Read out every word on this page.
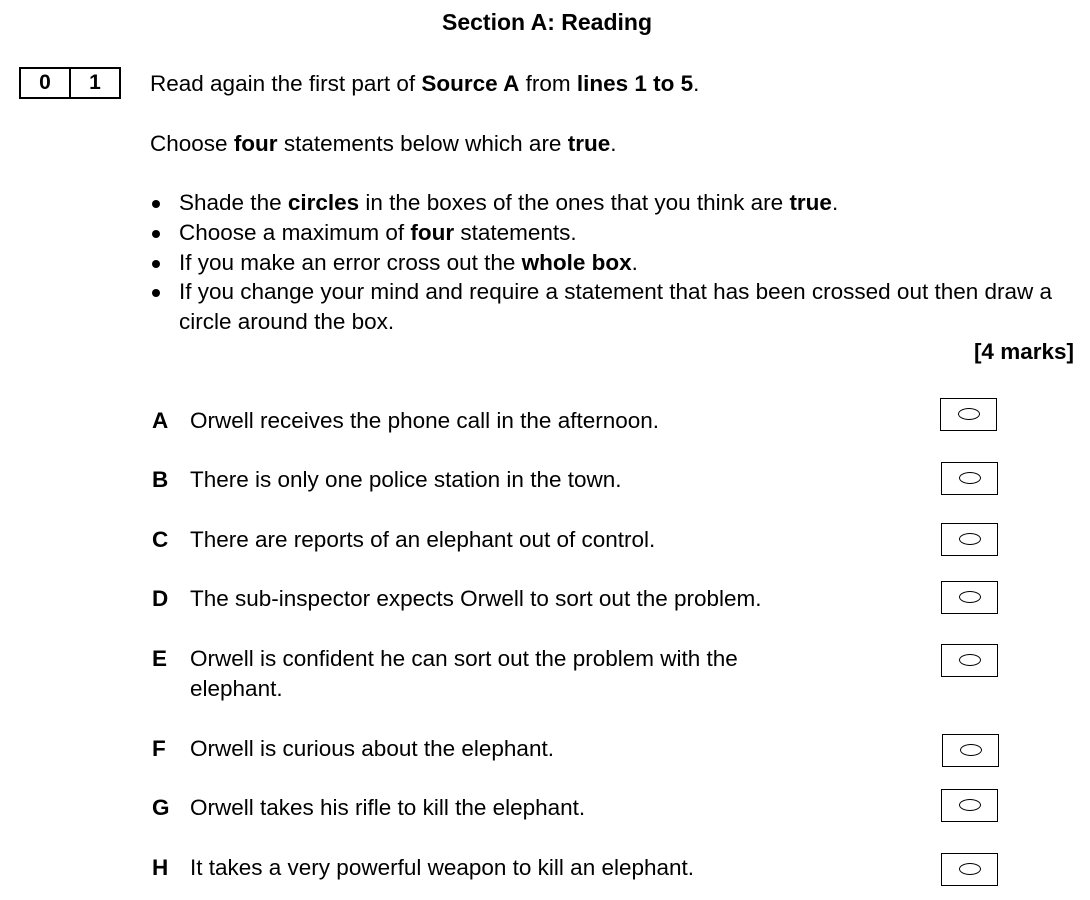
Section A: Reading
0	1	Read again the first part of Source A from lines 1 to 5.
Choose four statements below which are true.
Shade the circles in the boxes of the ones that you think are true.
Choose a maximum of four statements.
If you make an error cross out the whole box.
If you change your mind and require a statement that has been crossed out then draw a circle around the box.
[4 marks]
A Orwell receives the phone call in the afternoon.
B There is only one police station in the town.
C There are reports of an elephant out of control.
D The sub-inspector expects Orwell to sort out the problem.
E Orwell is confident he can sort out the problem with the elephant.
F Orwell is curious about the elephant.
G Orwell takes his rifle to kill the elephant.
H It takes a very powerful weapon to kill an elephant.
